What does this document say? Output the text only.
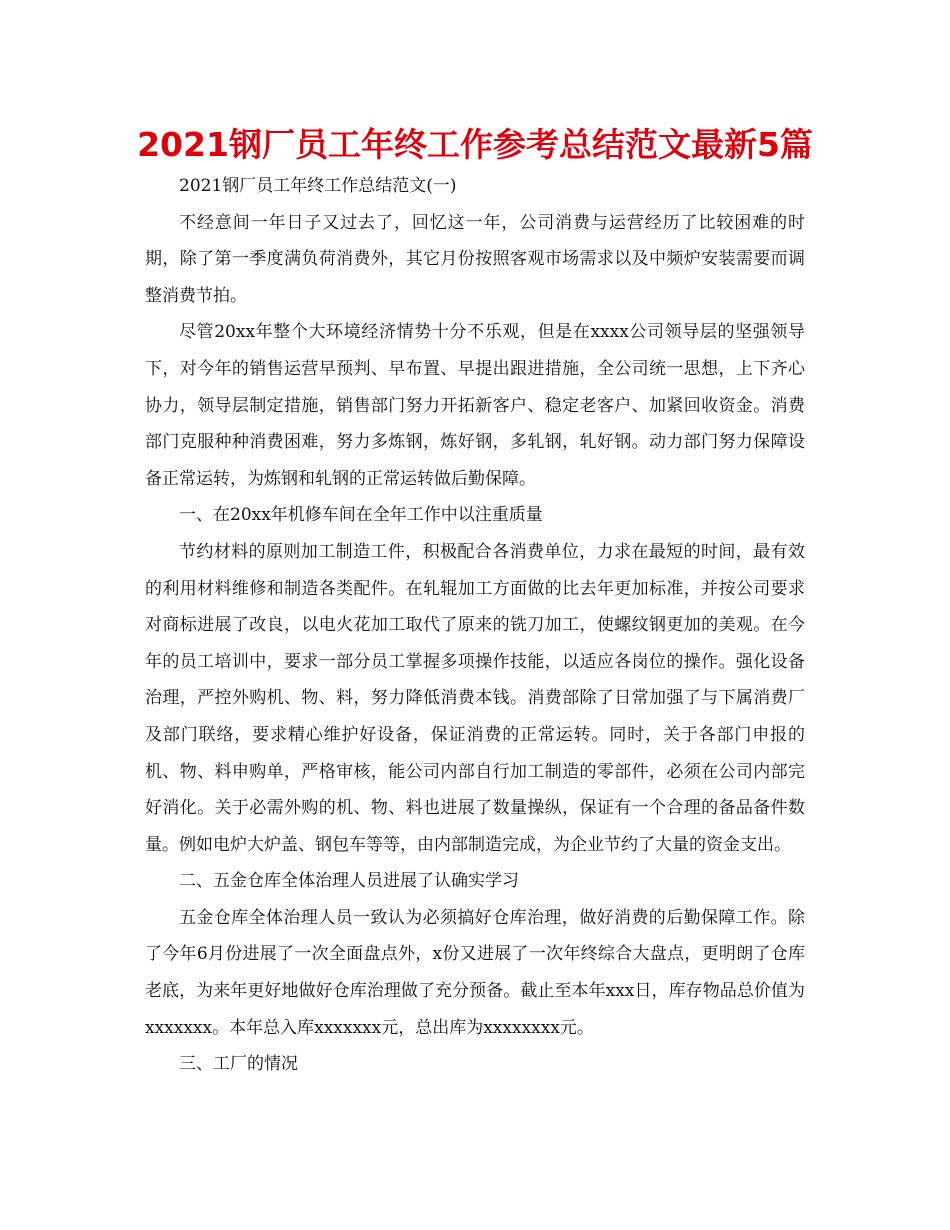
2021钢厂员工年终工作参考总结范文最新5篇

2021钢厂员工年终工作总结范文(一)

不经意间一年日子又过去了，回忆这一年，公司消费与运营经历了比较困难的时期，除了第一季度满负荷消费外，其它月份按照客观市场需求以及中频炉安装需要而调整消费节拍。

尽管20xx年整个大环境经济情势十分不乐观，但是在xxxx公司领导层的坚强领导下，对今年的销售运营早预判、早布置、早提出跟进措施，全公司统一思想，上下齐心协力，领导层制定措施，销售部门努力开拓新客户、稳定老客户、加紧回收资金。消费部门克服种种消费困难，努力多炼钢，炼好钢，多轧钢，轧好钢。动力部门努力保障设备正常运转，为炼钢和轧钢的正常运转做后勤保障。

一、在20xx年机修车间在全年工作中以注重质量

节约材料的原则加工制造工件，积极配合各消费单位，力求在最短的时间，最有效的利用材料维修和制造各类配件。在轧辊加工方面做的比去年更加标准，并按公司要求对商标进展了改良，以电火花加工取代了原来的铣刀加工，使螺纹钢更加的美观。在今年的员工培训中，要求一部分员工掌握多项操作技能，以适应各岗位的操作。强化设备治理，严控外购机、物、料，努力降低消费本钱。消费部除了日常加强了与下属消费厂及部门联络，要求精心维护好设备，保证消费的正常运转。同时，关于各部门申报的机、物、料申购单，严格审核，能公司内部自行加工制造的零部件，必须在公司内部完好消化。关于必需外购的机、物、料也进展了数量操纵，保证有一个合理的备品备件数量。例如电炉大炉盖、钢包车等等，由内部制造完成，为企业节约了大量的资金支出。

二、五金仓库全体治理人员进展了认确实学习

五金仓库全体治理人员一致认为必须搞好仓库治理，做好消费的后勤保障工作。除了今年6月份进展了一次全面盘点外，x份又进展了一次年终综合大盘点，更明朗了仓库老底，为来年更好地做好仓库治理做了充分预备。截止至本年xxx日，库存物品总价值为xxxxxxx。本年总入库xxxxxxx元，总出库为xxxxxxxx元。

三、工厂的情况
